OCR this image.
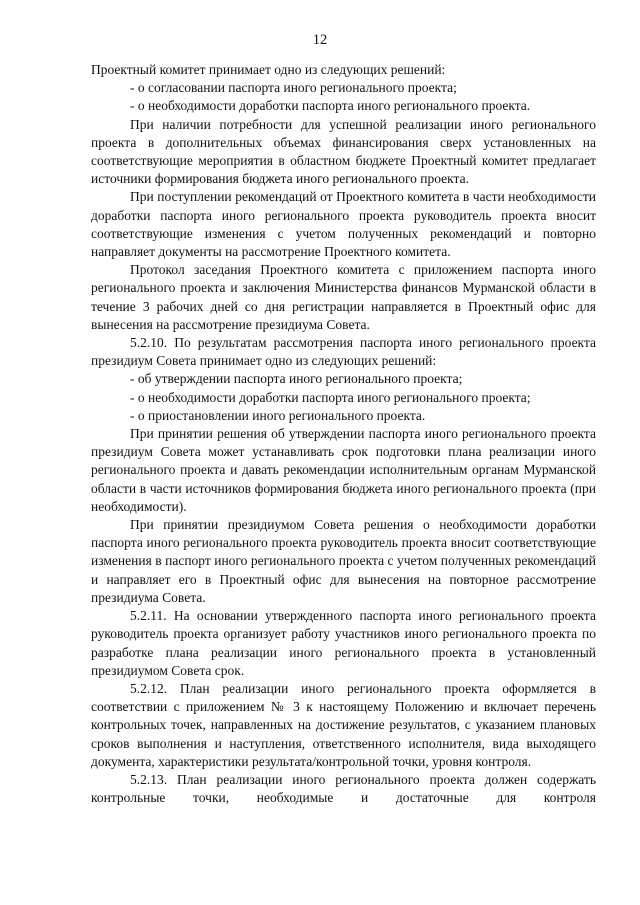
12

Проектный комитет принимает одно из следующих решений:

- о согласовании паспорта иного регионального проекта;

- о необходимости доработки паспорта иного регионального проекта.

При наличии потребности для успешной реализации иного регионального проекта в дополнительных объемах финансирования сверх установленных на соответствующие мероприятия в областном бюджете Проектный комитет предлагает источники формирования бюджета иного регионального проекта.

При поступлении рекомендаций от Проектного комитета в части необходимости доработки паспорта иного регионального проекта руководитель проекта вносит соответствующие изменения с учетом полученных рекомендаций и повторно направляет документы на рассмотрение Проектного комитета.

Протокол заседания Проектного комитета с приложением паспорта иного регионального проекта и заключения Министерства финансов Мурманской области в течение 3 рабочих дней со дня регистрации направляется в Проектный офис для вынесения на рассмотрение президиума Совета.

5.2.10. По результатам рассмотрения паспорта иного регионального проекта президиум Совета принимает одно из следующих решений:

- об утверждении паспорта иного регионального проекта;

- о необходимости доработки паспорта иного регионального проекта;

- о приостановлении иного регионального проекта.

При принятии решения об утверждении паспорта иного регионального проекта президиум Совета может устанавливать срок подготовки плана реализации иного регионального проекта и давать рекомендации исполнительным органам Мурманской области в части источников формирования бюджета иного регионального проекта (при необходимости).

При принятии президиумом Совета решения о необходимости доработки паспорта иного регионального проекта руководитель проекта вносит соответствующие изменения в паспорт иного регионального проекта с учетом полученных рекомендаций и направляет его в Проектный офис для вынесения на повторное рассмотрение президиума Совета.

5.2.11. На основании утвержденного паспорта иного регионального проекта руководитель проекта организует работу участников иного регионального проекта по разработке плана реализации иного регионального проекта в установленный президиумом Совета срок.

5.2.12. План реализации иного регионального проекта оформляется в соответствии с приложением № 3 к настоящему Положению и включает перечень контрольных точек, направленных на достижение результатов, с указанием плановых сроков выполнения и наступления, ответственного исполнителя, вида выходящего документа, характеристики результата/контрольной точки, уровня контроля.

5.2.13. План реализации иного регионального проекта должен содержать контрольные точки, необходимые и достаточные для контроля
